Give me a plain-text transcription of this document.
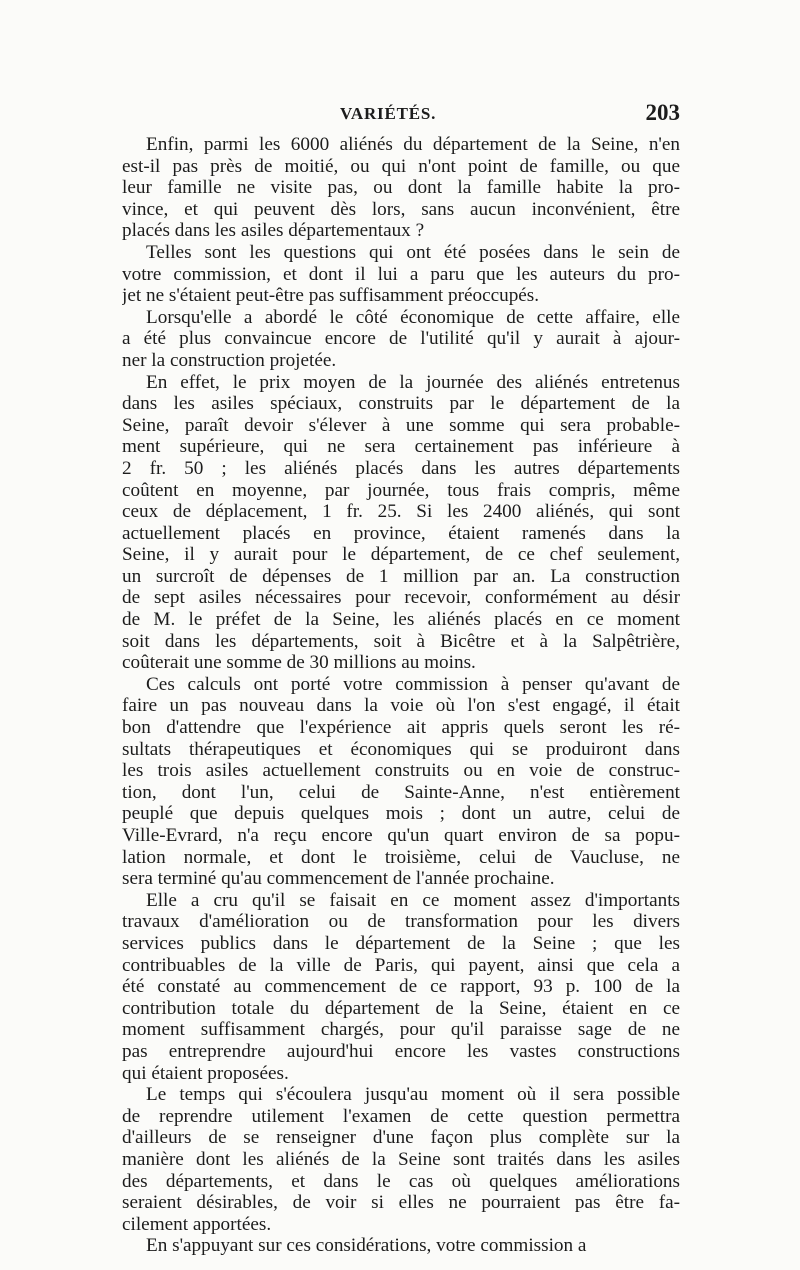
VARIÉTÉS.	203

Enfin, parmi les 6000 aliénés du département de la Seine, n'en
est-il pas près de moitié, ou qui n'ont point de famille, ou que
leur famille ne visite pas, ou dont la famille habite la pro-
vince, et qui peuvent dès lors, sans aucun inconvénient, être
placés dans les asiles départementaux ?

Telles sont les questions qui ont été posées dans le sein de
votre commission, et dont il lui a paru que les auteurs du pro-
jet ne s'étaient peut-être pas suffisamment préoccupés.

Lorsqu'elle a abordé le côté économique de cette affaire, elle
a été plus convaincue encore de l'utilité qu'il y aurait à ajour-
ner la construction projetée.

En effet, le prix moyen de la journée des aliénés entretenus
dans les asiles spéciaux, construits par le département de la
Seine, paraît devoir s'élever à une somme qui sera probable-
ment supérieure, qui ne sera certainement pas inférieure à
2 fr. 50 ; les aliénés placés dans les autres départements
coûtent en moyenne, par journée, tous frais compris, même
ceux de déplacement, 1 fr. 25. Si les 2400 aliénés, qui sont
actuellement placés en province, étaient ramenés dans la
Seine, il y aurait pour le département, de ce chef seulement,
un surcroît de dépenses de 1 million par an. La construction
de sept asiles nécessaires pour recevoir, conformément au désir
de M. le préfet de la Seine, les aliénés placés en ce moment
soit dans les départements, soit à Bicêtre et à la Salpêtrière,
coûterait une somme de 30 millions au moins.

Ces calculs ont porté votre commission à penser qu'avant de
faire un pas nouveau dans la voie où l'on s'est engagé, il était
bon d'attendre que l'expérience ait appris quels seront les ré-
sultats thérapeutiques et économiques qui se produiront dans
les trois asiles actuellement construits ou en voie de construc-
tion, dont l'un, celui de Sainte-Anne, n'est entièrement
peuplé que depuis quelques mois ; dont un autre, celui de
Ville-Evrard, n'a reçu encore qu'un quart environ de sa popu-
lation normale, et dont le troisième, celui de Vaucluse, ne
sera terminé qu'au commencement de l'année prochaine.

Elle a cru qu'il se faisait en ce moment assez d'importants
travaux d'amélioration ou de transformation pour les divers
services publics dans le département de la Seine ; que les
contribuables de la ville de Paris, qui payent, ainsi que cela a
été constaté au commencement de ce rapport, 93 p. 100 de la
contribution totale du département de la Seine, étaient en ce
moment suffisamment chargés, pour qu'il paraisse sage de ne
pas entreprendre aujourd'hui encore les vastes constructions
qui étaient proposées.

Le temps qui s'écoulera jusqu'au moment où il sera possible
de reprendre utilement l'examen de cette question permettra
d'ailleurs de se renseigner d'une façon plus complète sur la
manière dont les aliénés de la Seine sont traités dans les asiles
des départements, et dans le cas où quelques améliorations
seraient désirables, de voir si elles ne pourraient pas être fa-
cilement apportées.

En s'appuyant sur ces considérations, votre commission a
